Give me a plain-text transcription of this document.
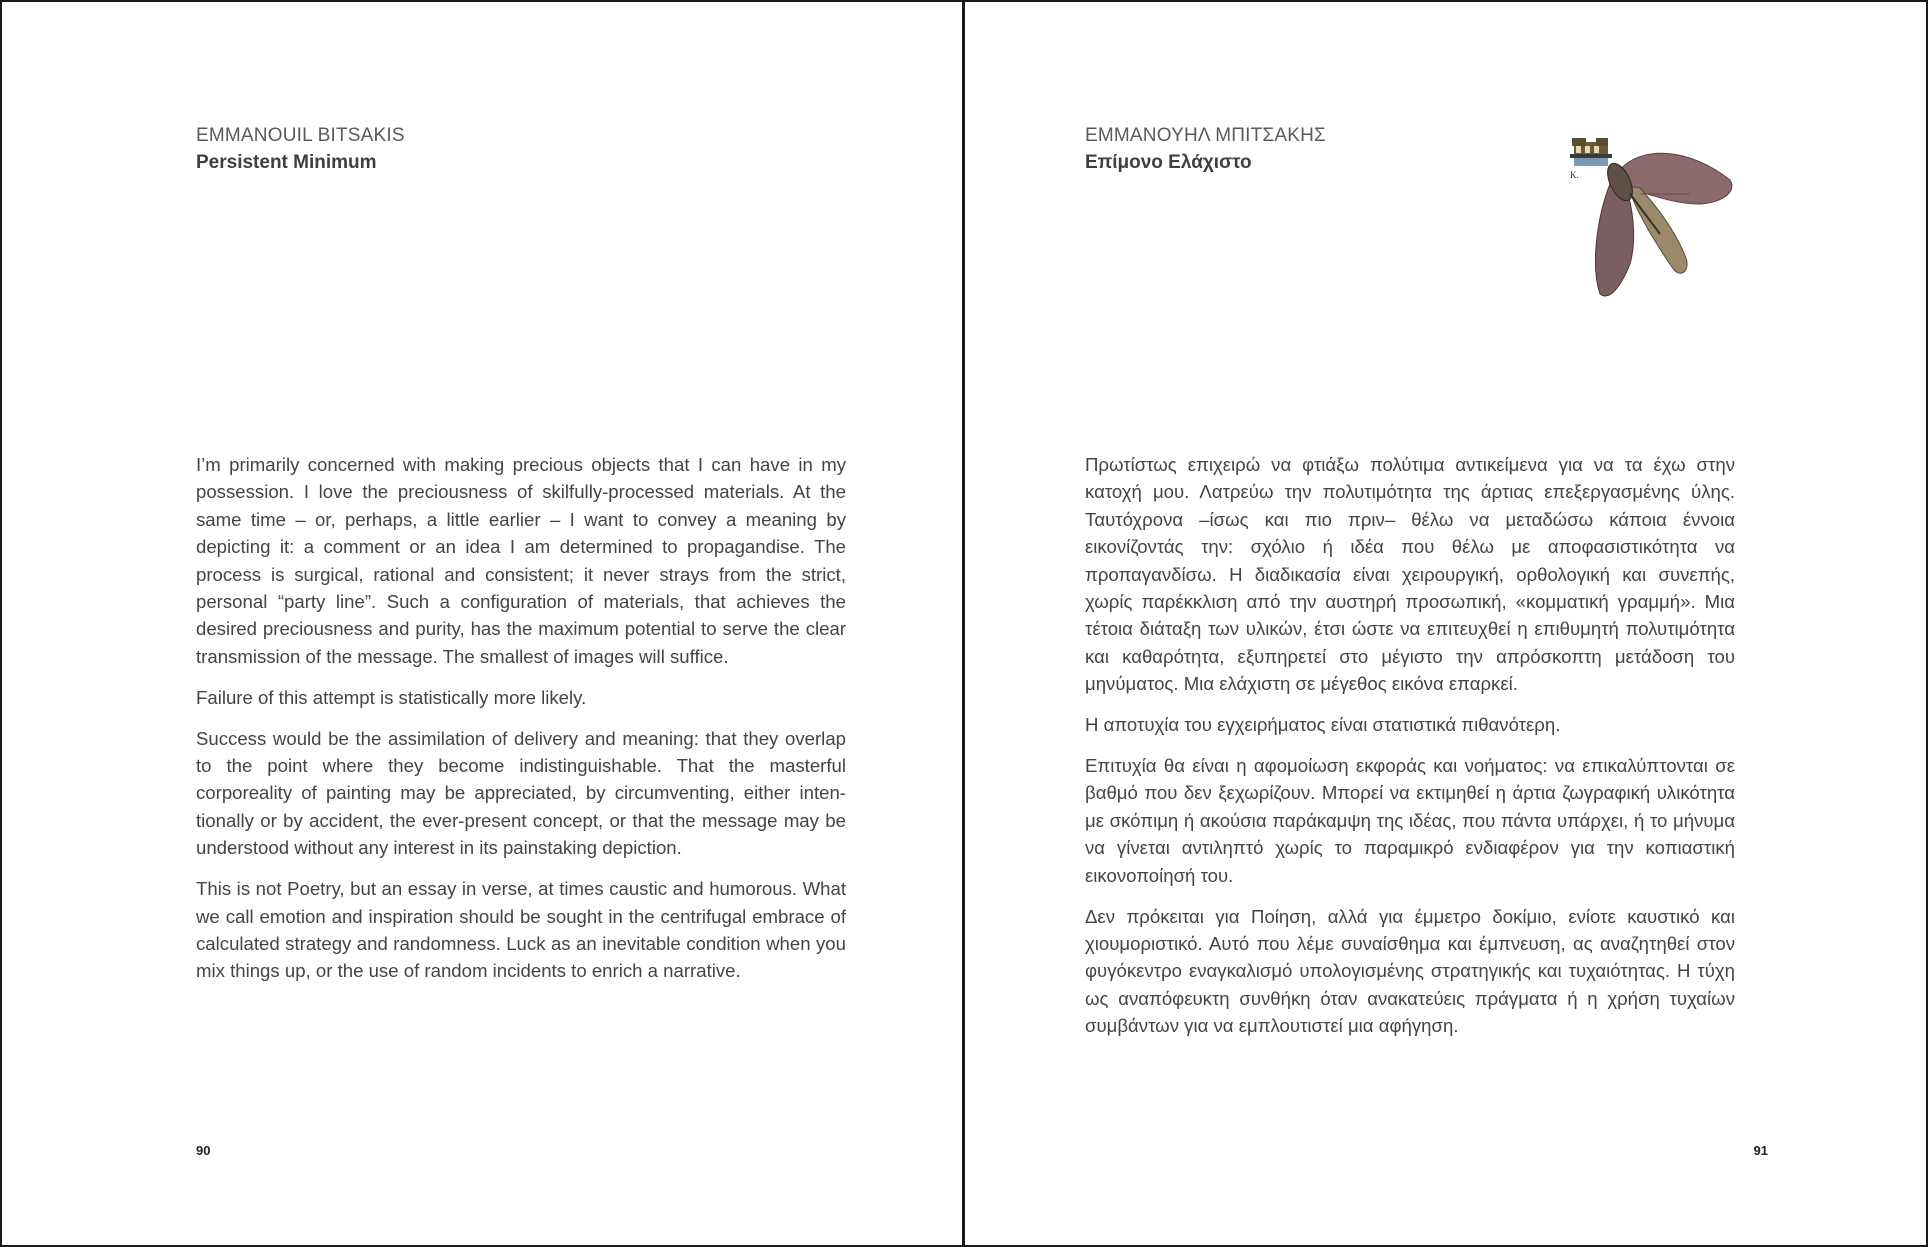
EMMANOUIL BITSAKIS
Persistent Minimum

I’m primarily concerned with making precious objects that I can have in my possession. I love the preciousness of skilfully-processed materials. At the same time – or, perhaps, a little earlier – I want to convey a meaning by depicting it: a comment or an idea I am determined to propagandise. The process is surgical, rational and consistent; it never strays from the strict, personal “party line”. Such a configuration of materials, that achieves the desired preciousness and purity, has the maximum potential to serve the clear transmission of the message. The smallest of images will suffice.

Failure of this attempt is statistically more likely.

Success would be the assimilation of delivery and meaning: that they overlap to the point where they become indistinguishable. That the masterful corporeality of painting may be appreciated, by circumventing, either intentionally or by accident, the ever-present concept, or that the message may be understood without any interest in its painstaking depiction.

This is not Poetry, but an essay in verse, at times caustic and humorous. What we call emotion and inspiration should be sought in the centrifugal embrace of calculated strategy and randomness. Luck as an inevitable condition when you mix things up, or the use of random incidents to enrich a narrative.

90
ΕΜΜΑΝΟΥΗΛ ΜΠΙΤΣΑΚΗΣ
Επίμονο Ελάχιστο
K.

Πρωτίστως επιχειρώ να φτιάξω πολύτιμα αντικείμενα για να τα έχω στην κατοχή μου. Λατρεύω την πολυτιμότητα της άρτιας επεξεργασμένης ύλης. Ταυτόχρονα –ίσως και πιο πριν– θέλω να μεταδώσω κάποια έννοια εικονίζοντάς την: σχόλιο ή ιδέα που θέλω με αποφασιστικότητα να προπαγανδίσω. Η διαδικασία είναι χειρουργική, ορθολογική και συνεπής, χωρίς παρέκκλιση από την αυστηρή προσωπική, «κομματική γραμμή». Μια τέτοια διάταξη των υλικών, έτσι ώστε να επιτευχθεί η επιθυμητή πολυτιμότητα και καθαρότητα, εξυπηρετεί στο μέγιστο την απρόσκοπτη μετάδοση του μηνύματος. Μια ελάχιστη σε μέγεθος εικόνα επαρκεί.

Η αποτυχία του εγχειρήματος είναι στατιστικά πιθανότερη.

Επιτυχία θα είναι η αφομοίωση εκφοράς και νοήματος: να επικαλύπτονται σε βαθμό που δεν ξεχωρίζουν. Μπορεί να εκτιμηθεί η άρτια ζωγραφική υλικότητα με σκόπιμη ή ακούσια παράκαμψη της ιδέας, που πάντα υπάρχει, ή το μήνυμα να γίνεται αντιληπτό χωρίς το παραμικρό ενδιαφέρον για την κοπιαστική εικονοποίησή του.

Δεν πρόκειται για Ποίηση, αλλά για έμμετρο δοκίμιο, ενίοτε καυστικό και χιουμοριστικό. Αυτό που λέμε συναίσθημα και έμπνευση, ας αναζητηθεί στον φυγόκεντρο εναγκαλισμό υπολογισμένης στρατηγικής και τυχαιότητας. Η τύχη ως αναπόφευκτη συνθήκη όταν ανακατεύεις πράγματα ή η χρήση τυχαίων συμβάντων για να εμπλουτιστεί μια αφήγηση.

91
